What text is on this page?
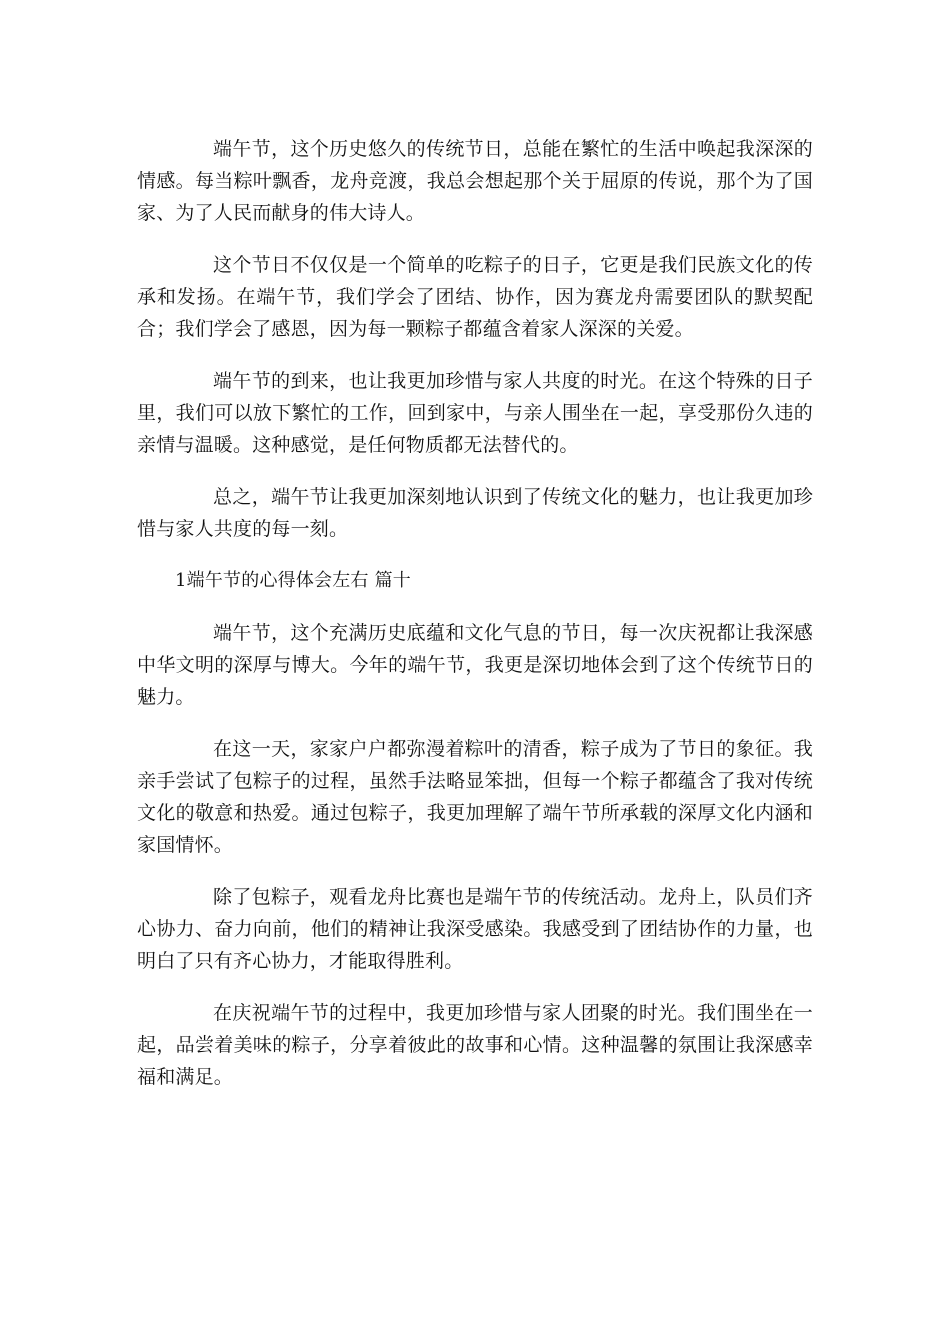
端午节，这个历史悠久的传统节日，总能在繁忙的生活中唤起我深深的情感。每当粽叶飘香，龙舟竞渡，我总会想起那个关于屈原的传说，那个为了国家、为了人民而献身的伟大诗人。

这个节日不仅仅是一个简单的吃粽子的日子，它更是我们民族文化的传承和发扬。在端午节，我们学会了团结、协作，因为赛龙舟需要团队的默契配合；我们学会了感恩，因为每一颗粽子都蕴含着家人深深的关爱。

端午节的到来，也让我更加珍惜与家人共度的时光。在这个特殊的日子里，我们可以放下繁忙的工作，回到家中，与亲人围坐在一起，享受那份久违的亲情与温暖。这种感觉，是任何物质都无法替代的。

总之，端午节让我更加深刻地认识到了传统文化的魅力，也让我更加珍惜与家人共度的每一刻。

1端午节的心得体会左右 篇十

端午节，这个充满历史底蕴和文化气息的节日，每一次庆祝都让我深感中华文明的深厚与博大。今年的端午节，我更是深切地体会到了这个传统节日的魅力。

在这一天，家家户户都弥漫着粽叶的清香，粽子成为了节日的象征。我亲手尝试了包粽子的过程，虽然手法略显笨拙，但每一个粽子都蕴含了我对传统文化的敬意和热爱。通过包粽子，我更加理解了端午节所承载的深厚文化内涵和家国情怀。

除了包粽子，观看龙舟比赛也是端午节的传统活动。龙舟上，队员们齐心协力、奋力向前，他们的精神让我深受感染。我感受到了团结协作的力量，也明白了只有齐心协力，才能取得胜利。

在庆祝端午节的过程中，我更加珍惜与家人团聚的时光。我们围坐在一起，品尝着美味的粽子，分享着彼此的故事和心情。这种温馨的氛围让我深感幸福和满足。
